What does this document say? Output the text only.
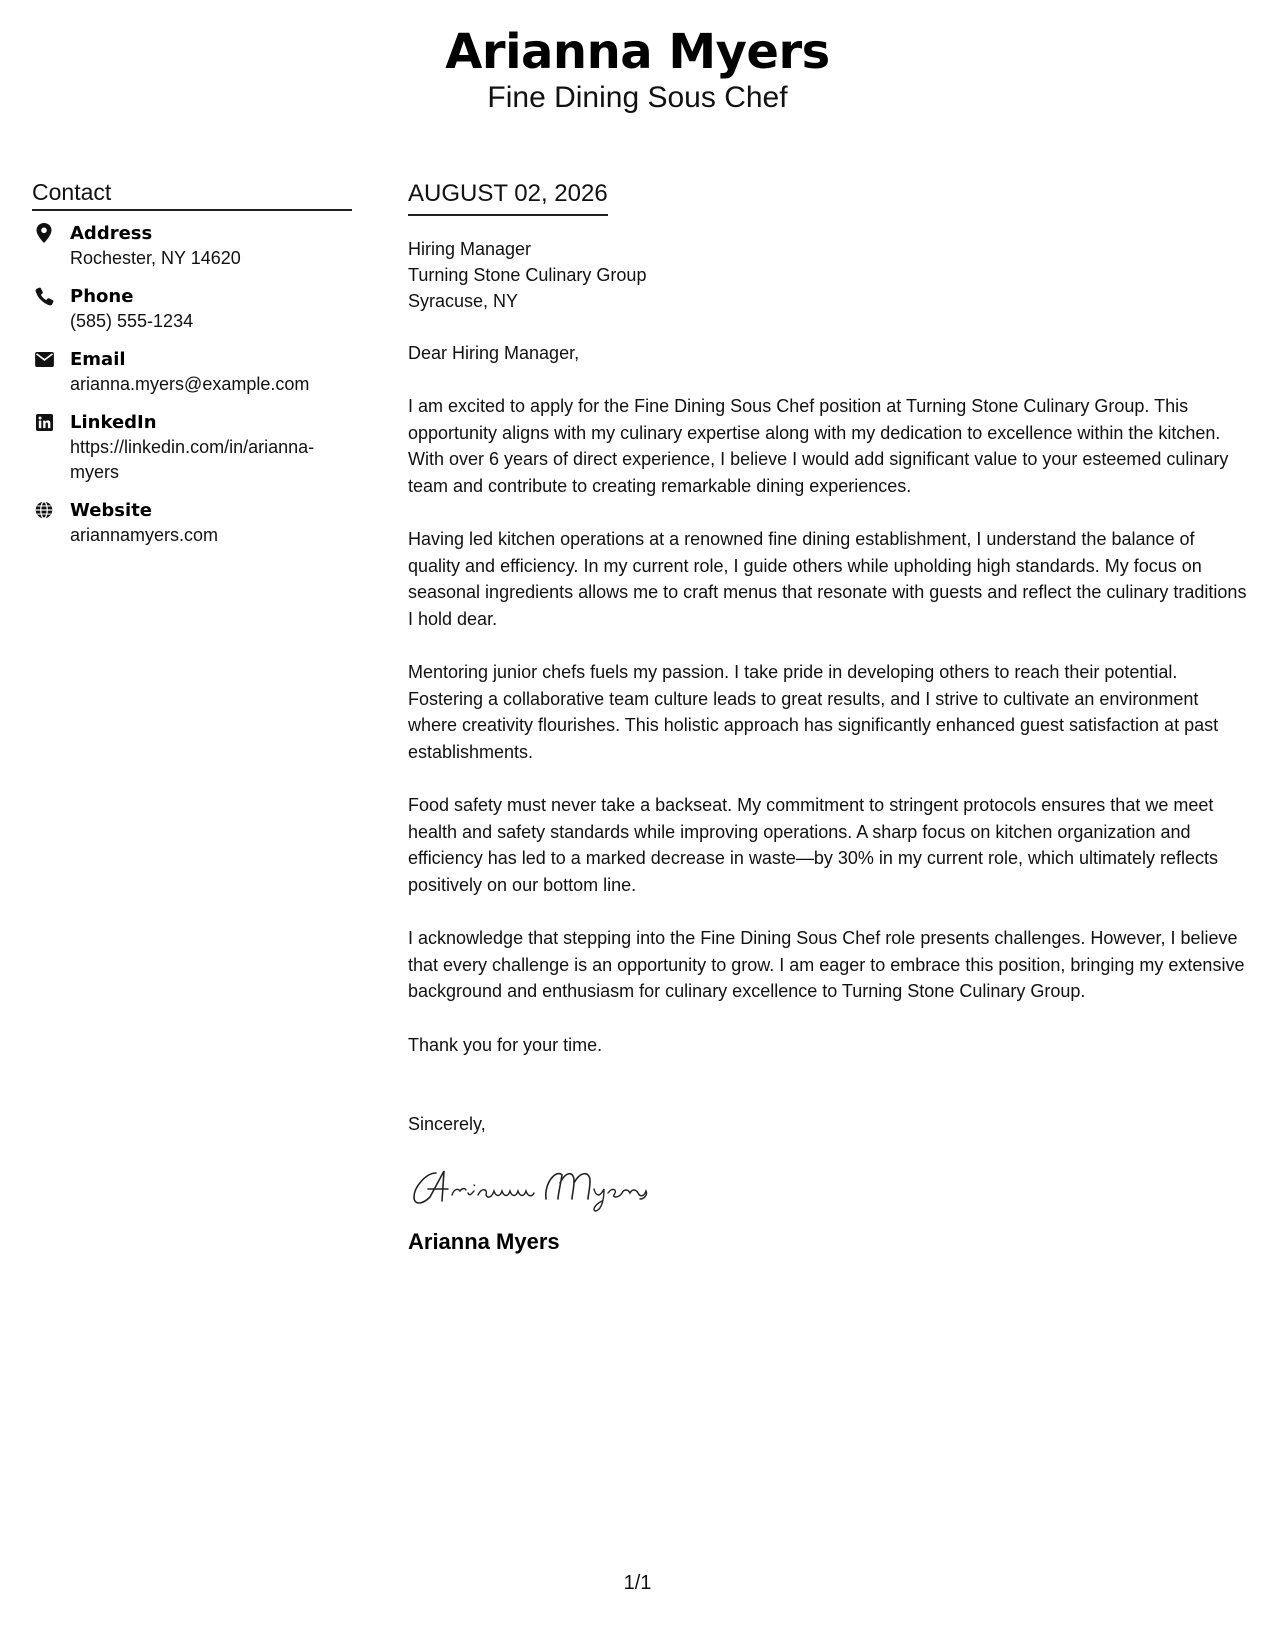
Arianna Myers
Fine Dining Sous Chef
Contact
Address
Rochester, NY 14620
Phone
(585) 555-1234
Email
arianna.myers@example.com
LinkedIn
https://linkedin.com/in/arianna-myers
Website
ariannamyers.com
AUGUST 02, 2026
Hiring Manager
Turning Stone Culinary Group
Syracuse, NY
Dear Hiring Manager,
I am excited to apply for the Fine Dining Sous Chef position at Turning Stone Culinary Group. This opportunity aligns with my culinary expertise along with my dedication to excellence within the kitchen. With over 6 years of direct experience, I believe I would add significant value to your esteemed culinary team and contribute to creating remarkable dining experiences.
Having led kitchen operations at a renowned fine dining establishment, I understand the balance of quality and efficiency. In my current role, I guide others while upholding high standards. My focus on seasonal ingredients allows me to craft menus that resonate with guests and reflect the culinary traditions I hold dear.
Mentoring junior chefs fuels my passion. I take pride in developing others to reach their potential. Fostering a collaborative team culture leads to great results, and I strive to cultivate an environment where creativity flourishes. This holistic approach has significantly enhanced guest satisfaction at past establishments.
Food safety must never take a backseat. My commitment to stringent protocols ensures that we meet health and safety standards while improving operations. A sharp focus on kitchen organization and efficiency has led to a marked decrease in waste—by 30% in my current role, which ultimately reflects positively on our bottom line.
I acknowledge that stepping into the Fine Dining Sous Chef role presents challenges. However, I believe that every challenge is an opportunity to grow. I am eager to embrace this position, bringing my extensive background and enthusiasm for culinary excellence to Turning Stone Culinary Group.
Thank you for your time.
Sincerely,
Arianna Myers
1/1
